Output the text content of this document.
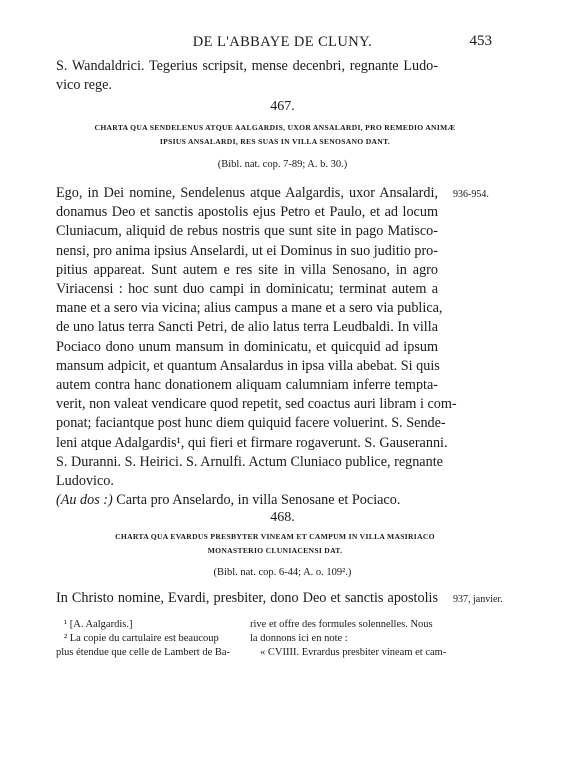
DE L'ABBAYE DE CLUNY.	453
S. Wandaldrici. Tegerius scripsit, mense decenbri, regnante Ludo-
vico rege.
467.
CHARTA QUA SENDELENUS ATQUE AALGARDIS, UXOR ANSALARDI, PRO REMEDIO ANIMÆ
IPSIUS ANSALARDI, RES SUAS IN VILLA SENOSANO DANT.
(Bibl. nat. cop. 7-89; A. b. 30.)
936-954.
Ego, in Dei nomine, Sendelenus atque Aalgardis, uxor Ansalardi,
donamus Deo et sanctis apostolis ejus Petro et Paulo, et ad locum
Cluniacum, aliquid de rebus nostris que sunt site in pago Matisco-
nensi, pro anima ipsius Anselardi, ut ei Dominus in suo juditio pro-
pitius appareat. Sunt autem e res site in villa Senosano, in agro
Viriacensi : hoc sunt duo campi in dominicatu; terminat autem a
mane et a sero via vicina; alius campus a mane et a sero via publica,
de uno latus terra Sancti Petri, de alio latus terra Leudbaldi. In villa
Pociaco dono unum mansum in dominicatu, et quicquid ad ipsum
mansum adpicit, et quantum Ansalardus in ipsa villa abebat. Si quis
autem contra hanc donationem aliquam calumniam inferre tempta-
verit, non valeat vendicare quod repetit, sed coactus auri libram i com-
ponat; faciantque post hunc diem quiquid facere voluerint. S. Sende-
leni atque Adalgardis¹, qui fieri et firmare rogaverunt. S. Gauseranni.
S. Duranni. S. Heirici. S. Arnulfi. Actum Cluniaco publice, regnante
Ludovico.
(Au dos :) Carta pro Anselardo, in villa Senosane et Pociaco.
468.
CHARTA QUA EVARDUS PRESBYTER VINEAM ET CAMPUM IN VILLA MASIRIACO
MONASTERIO CLUNIACENSI DAT.
(Bibl. nat. cop. 6-44; A. o. 109².)
937, janvier.
In Christo nomine, Evardi, presbiter, dono Deo et sanctis apostolis
¹ [A. Aalgardis.]
² La copie du cartulaire est beaucoup
plus étendue que celle de Lambert de Ba-
rive et offre des formules solennelles. Nous
la donnons ici en note :
« CVIIII. Evrardus presbiter vineam et cam-
